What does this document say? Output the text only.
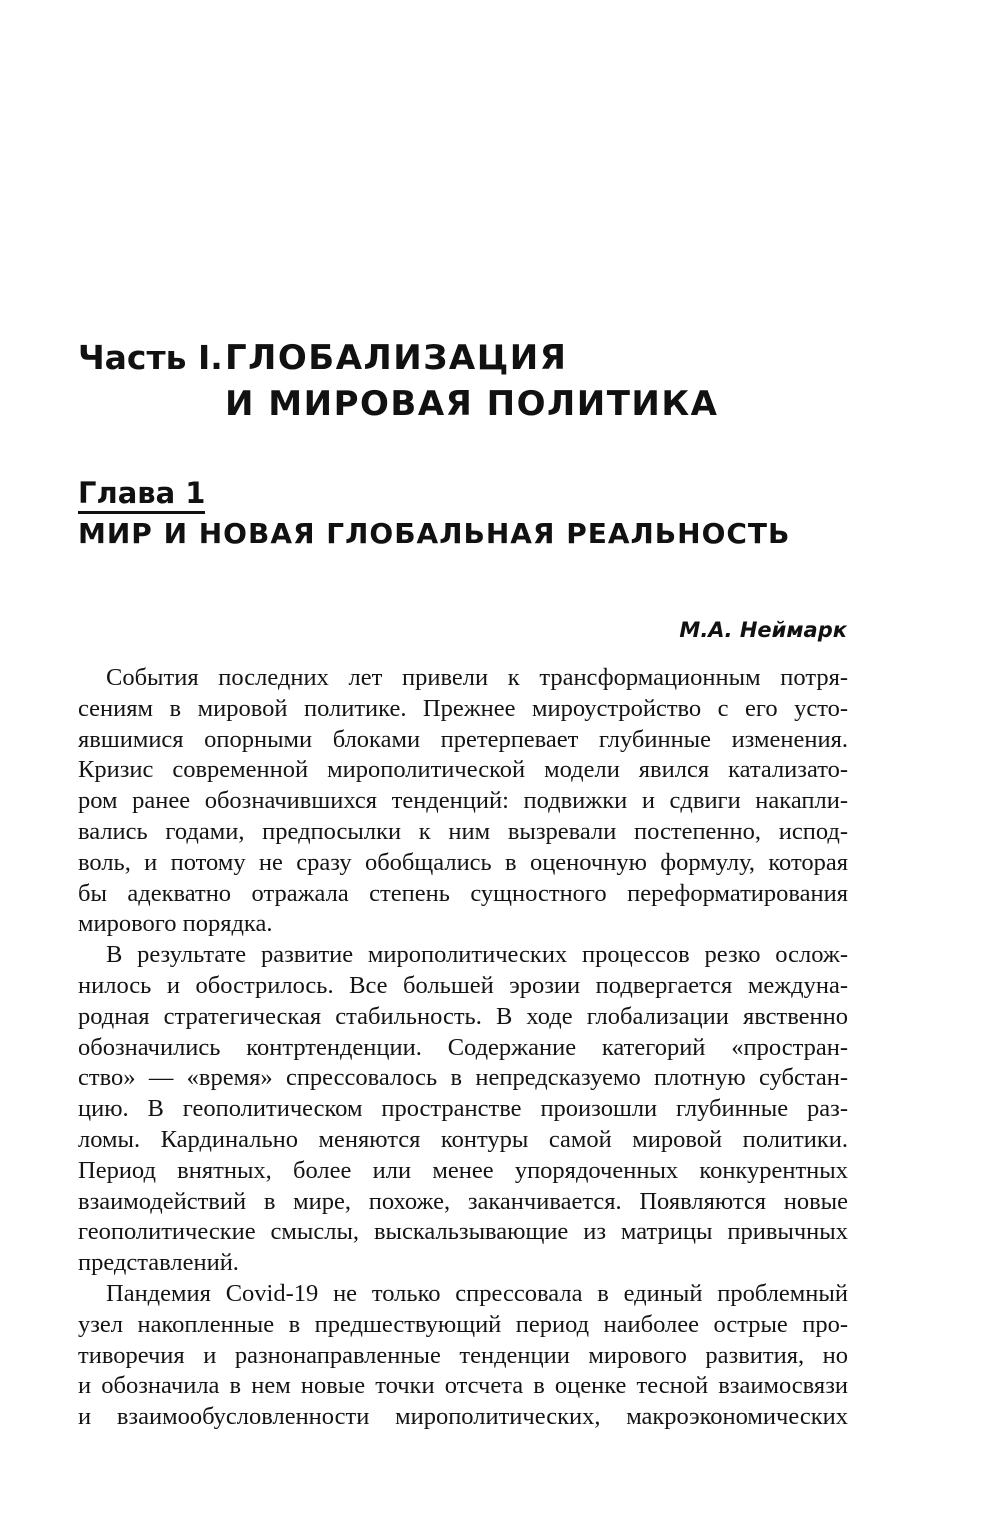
Часть I. ГЛОБАЛИЗАЦИЯ
И МИРОВАЯ ПОЛИТИКА
Глава 1
МИР И НОВАЯ ГЛОБАЛЬНАЯ РЕАЛЬНОСТЬ
М.А. Неймарк
События последних лет привели к трансформационным потря-
сениям в мировой политике. Прежнее мироустройство с его усто-
явшимися опорными блоками претерпевает глубинные изменения.
Кризис современной мирополитической модели явился катализато-
ром ранее обозначившихся тенденций: подвижки и сдвиги накапли-
вались годами, предпосылки к ним вызревали постепенно, испод-
воль, и потому не сразу обобщались в оценочную формулу, которая
бы адекватно отражала степень сущностного переформатирования
мирового порядка.
В результате развитие мирополитических процессов резко ослож-
нилось и обострилось. Все большей эрозии подвергается междуна-
родная стратегическая стабильность. В ходе глобализации явственно
обозначились контртенденции. Содержание категорий «простран-
ство» — «время» спрессовалось в непредсказуемо плотную субстан-
цию. В геополитическом пространстве произошли глубинные раз-
ломы. Кардинально меняются контуры самой мировой политики.
Период внятных, более или менее упорядоченных конкурентных
взаимодействий в мире, похоже, заканчивается. Появляются новые
геополитические смыслы, выскальзывающие из матрицы привычных
представлений.
Пандемия Covid-19 не только спрессовала в единый проблемный
узел накопленные в предшествующий период наиболее острые про-
тиворечия и разнонаправленные тенденции мирового развития, но
и обозначила в нем новые точки отсчета в оценке тесной взаимосвязи
и взаимообусловленности мирополитических, макроэкономических
